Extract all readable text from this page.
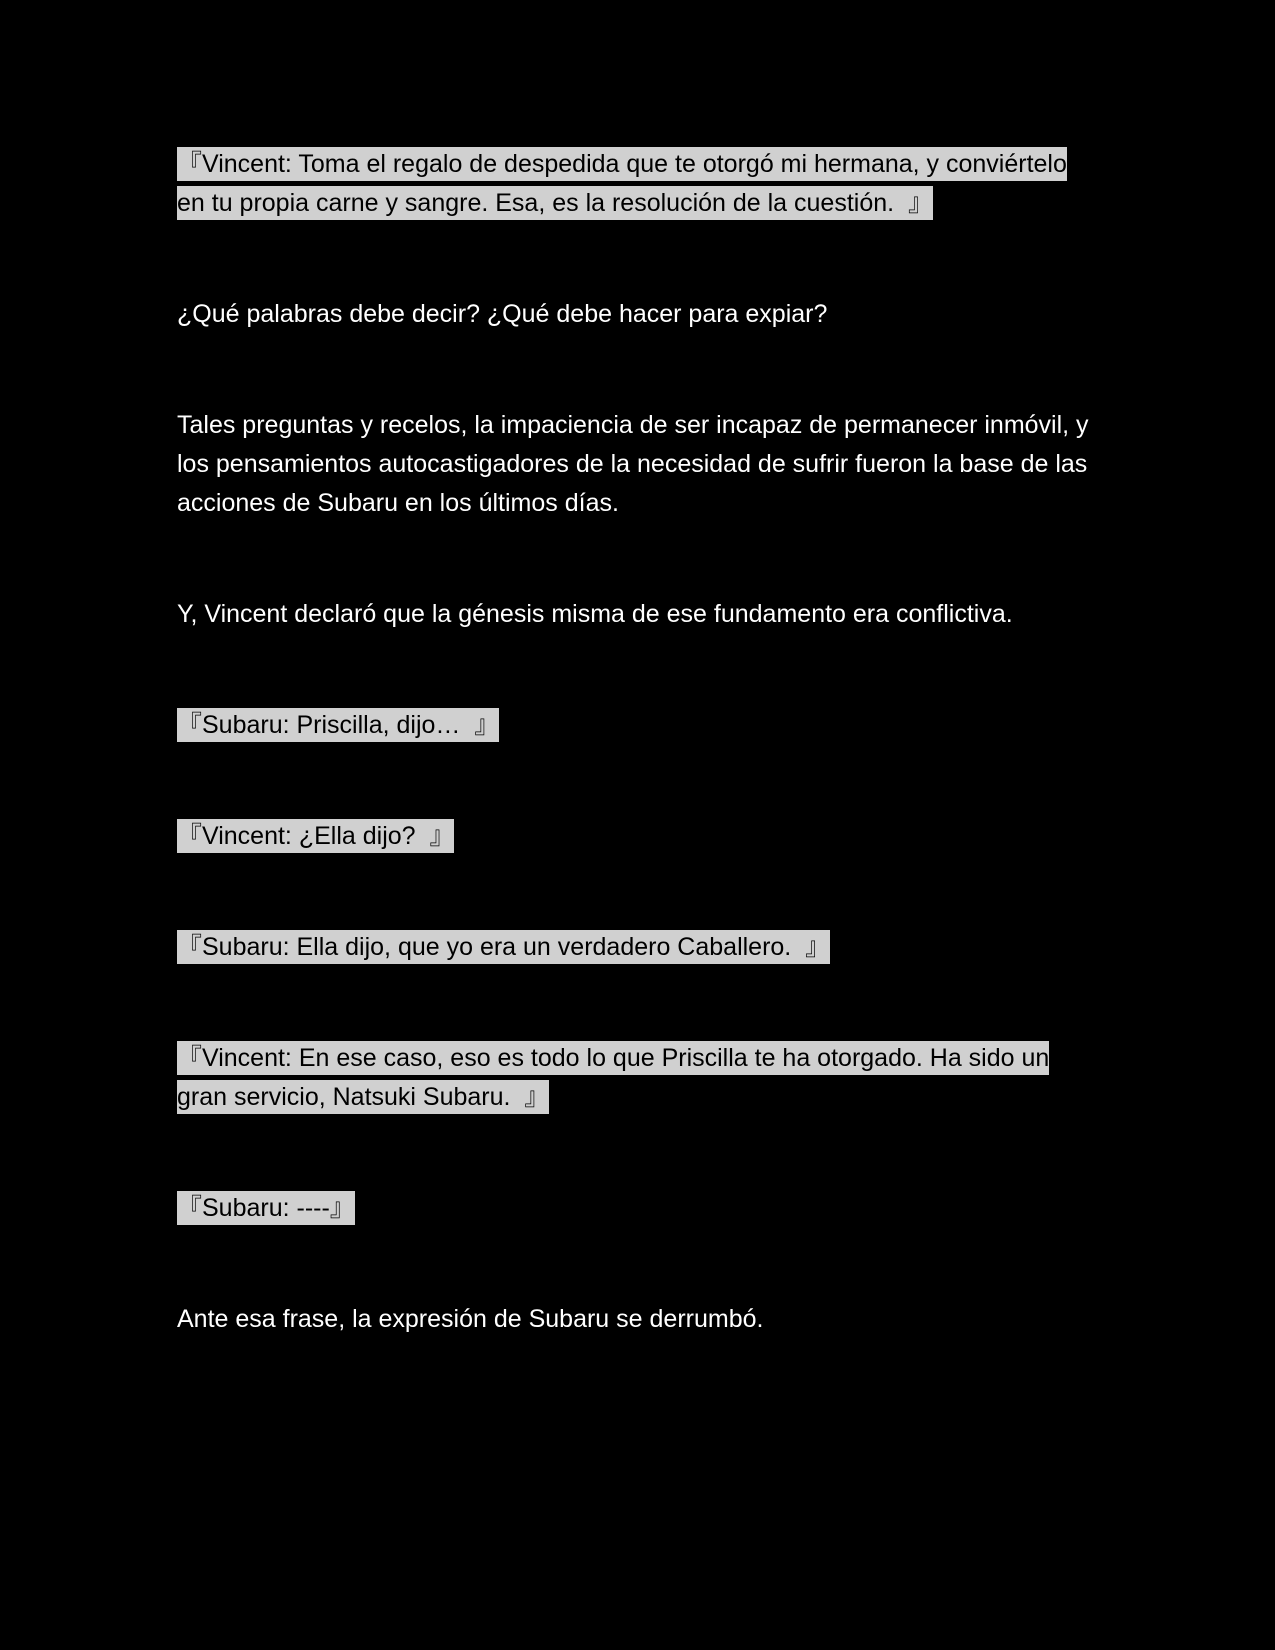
『Vincent: Toma el regalo de despedida que te otorgó mi hermana, y conviértelo en tu propia carne y sangre. Esa, es la resolución de la cuestión.  』

¿Qué palabras debe decir? ¿Qué debe hacer para expiar?

Tales preguntas y recelos, la impaciencia de ser incapaz de permanecer inmóvil, y los pensamientos autocastigadores de la necesidad de sufrir fueron la base de las acciones de Subaru en los últimos días.

Y, Vincent declaró que la génesis misma de ese fundamento era conflictiva.

『Subaru: Priscilla, dijo…  』

『Vincent: ¿Ella dijo?  』

『Subaru: Ella dijo, que yo era un verdadero Caballero.  』

『Vincent: En ese caso, eso es todo lo que Priscilla te ha otorgado. Ha sido un gran servicio, Natsuki Subaru.  』

『Subaru: ----』

Ante esa frase, la expresión de Subaru se derrumbó.
